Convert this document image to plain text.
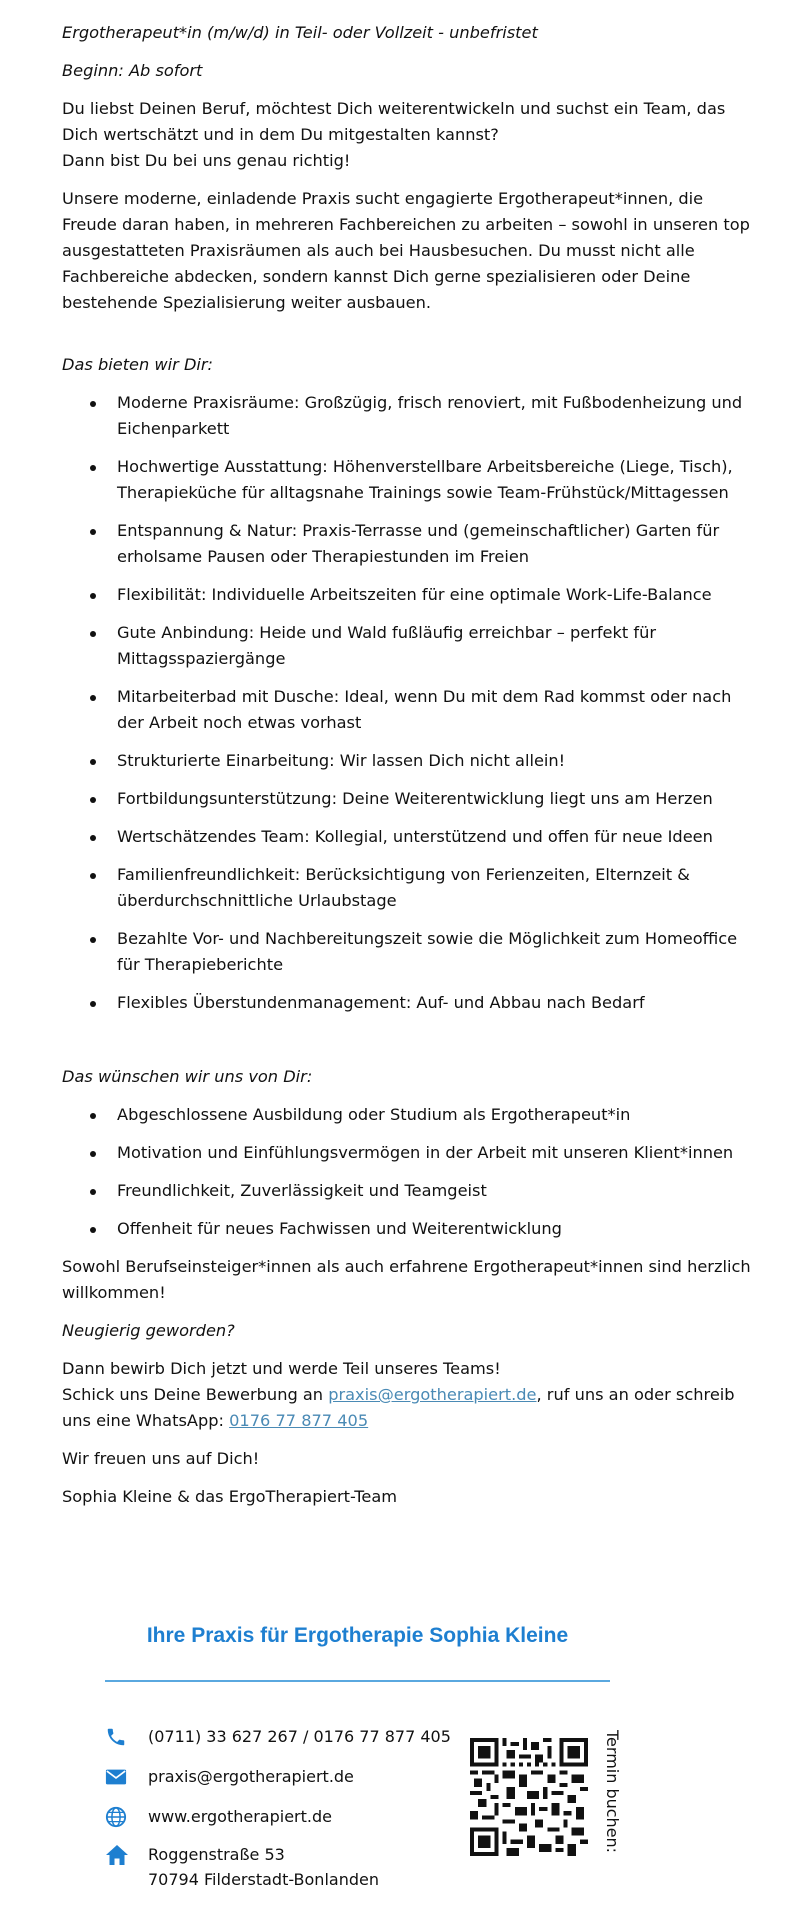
Ergotherapeut*in (m/w/d) in Teil- oder Vollzeit - unbefristet

Beginn: Ab sofort

Du liebst Deinen Beruf, möchtest Dich weiterentwickeln und suchst ein Team, das Dich wertschätzt und in dem Du mitgestalten kannst?
Dann bist Du bei uns genau richtig!

Unsere moderne, einladende Praxis sucht engagierte Ergotherapeut*innen, die Freude daran haben, in mehreren Fachbereichen zu arbeiten – sowohl in unseren top ausgestatteten Praxisräumen als auch bei Hausbesuchen. Du musst nicht alle Fachbereiche abdecken, sondern kannst Dich gerne spezialisieren oder Deine bestehende Spezialisierung weiter ausbauen.

Das bieten wir Dir:

Moderne Praxisräume: Großzügig, frisch renoviert, mit Fußbodenheizung und Eichenparkett
Hochwertige Ausstattung: Höhenverstellbare Arbeitsbereiche (Liege, Tisch), Therapieküche für alltagsnahe Trainings sowie Team-Frühstück/Mittagessen
Entspannung & Natur: Praxis-Terrasse und (gemeinschaftlicher) Garten für erholsame Pausen oder Therapiestunden im Freien
Flexibilität: Individuelle Arbeitszeiten für eine optimale Work-Life-Balance
Gute Anbindung: Heide und Wald fußläufig erreichbar – perfekt für Mittagsspaziergänge
Mitarbeiterbad mit Dusche: Ideal, wenn Du mit dem Rad kommst oder nach der Arbeit noch etwas vorhast
Strukturierte Einarbeitung: Wir lassen Dich nicht allein!
Fortbildungsunterstützung: Deine Weiterentwicklung liegt uns am Herzen
Wertschätzendes Team: Kollegial, unterstützend und offen für neue Ideen
Familienfreundlichkeit: Berücksichtigung von Ferienzeiten, Elternzeit & überdurchschnittliche Urlaubstage
Bezahlte Vor- und Nachbereitungszeit sowie die Möglichkeit zum Homeoffice für Therapieberichte
Flexibles Überstundenmanagement: Auf- und Abbau nach Bedarf

Das wünschen wir uns von Dir:

Abgeschlossene Ausbildung oder Studium als Ergotherapeut*in
Motivation und Einfühlungsvermögen in der Arbeit mit unseren Klient*innen
Freundlichkeit, Zuverlässigkeit und Teamgeist
Offenheit für neues Fachwissen und Weiterentwicklung

Sowohl Berufseinsteiger*innen als auch erfahrene Ergotherapeut*innen sind herzlich willkommen!

Neugierig geworden?

Dann bewirb Dich jetzt und werde Teil unseres Teams!
Schick uns Deine Bewerbung an praxis@ergotherapiert.de, ruf uns an oder schreib uns eine WhatsApp: 0176 77 877 405

Wir freuen uns auf Dich!

Sophia Kleine & das ErgoTherapiert-Team

Ihre Praxis für Ergotherapie Sophia Kleine
(0711) 33 627 267 / 0176 77 877 405
praxis@ergotherapiert.de
www.ergotherapiert.de
Roggenstraße 53
70794 Filderstadt-Bonlanden
Termin buchen:
